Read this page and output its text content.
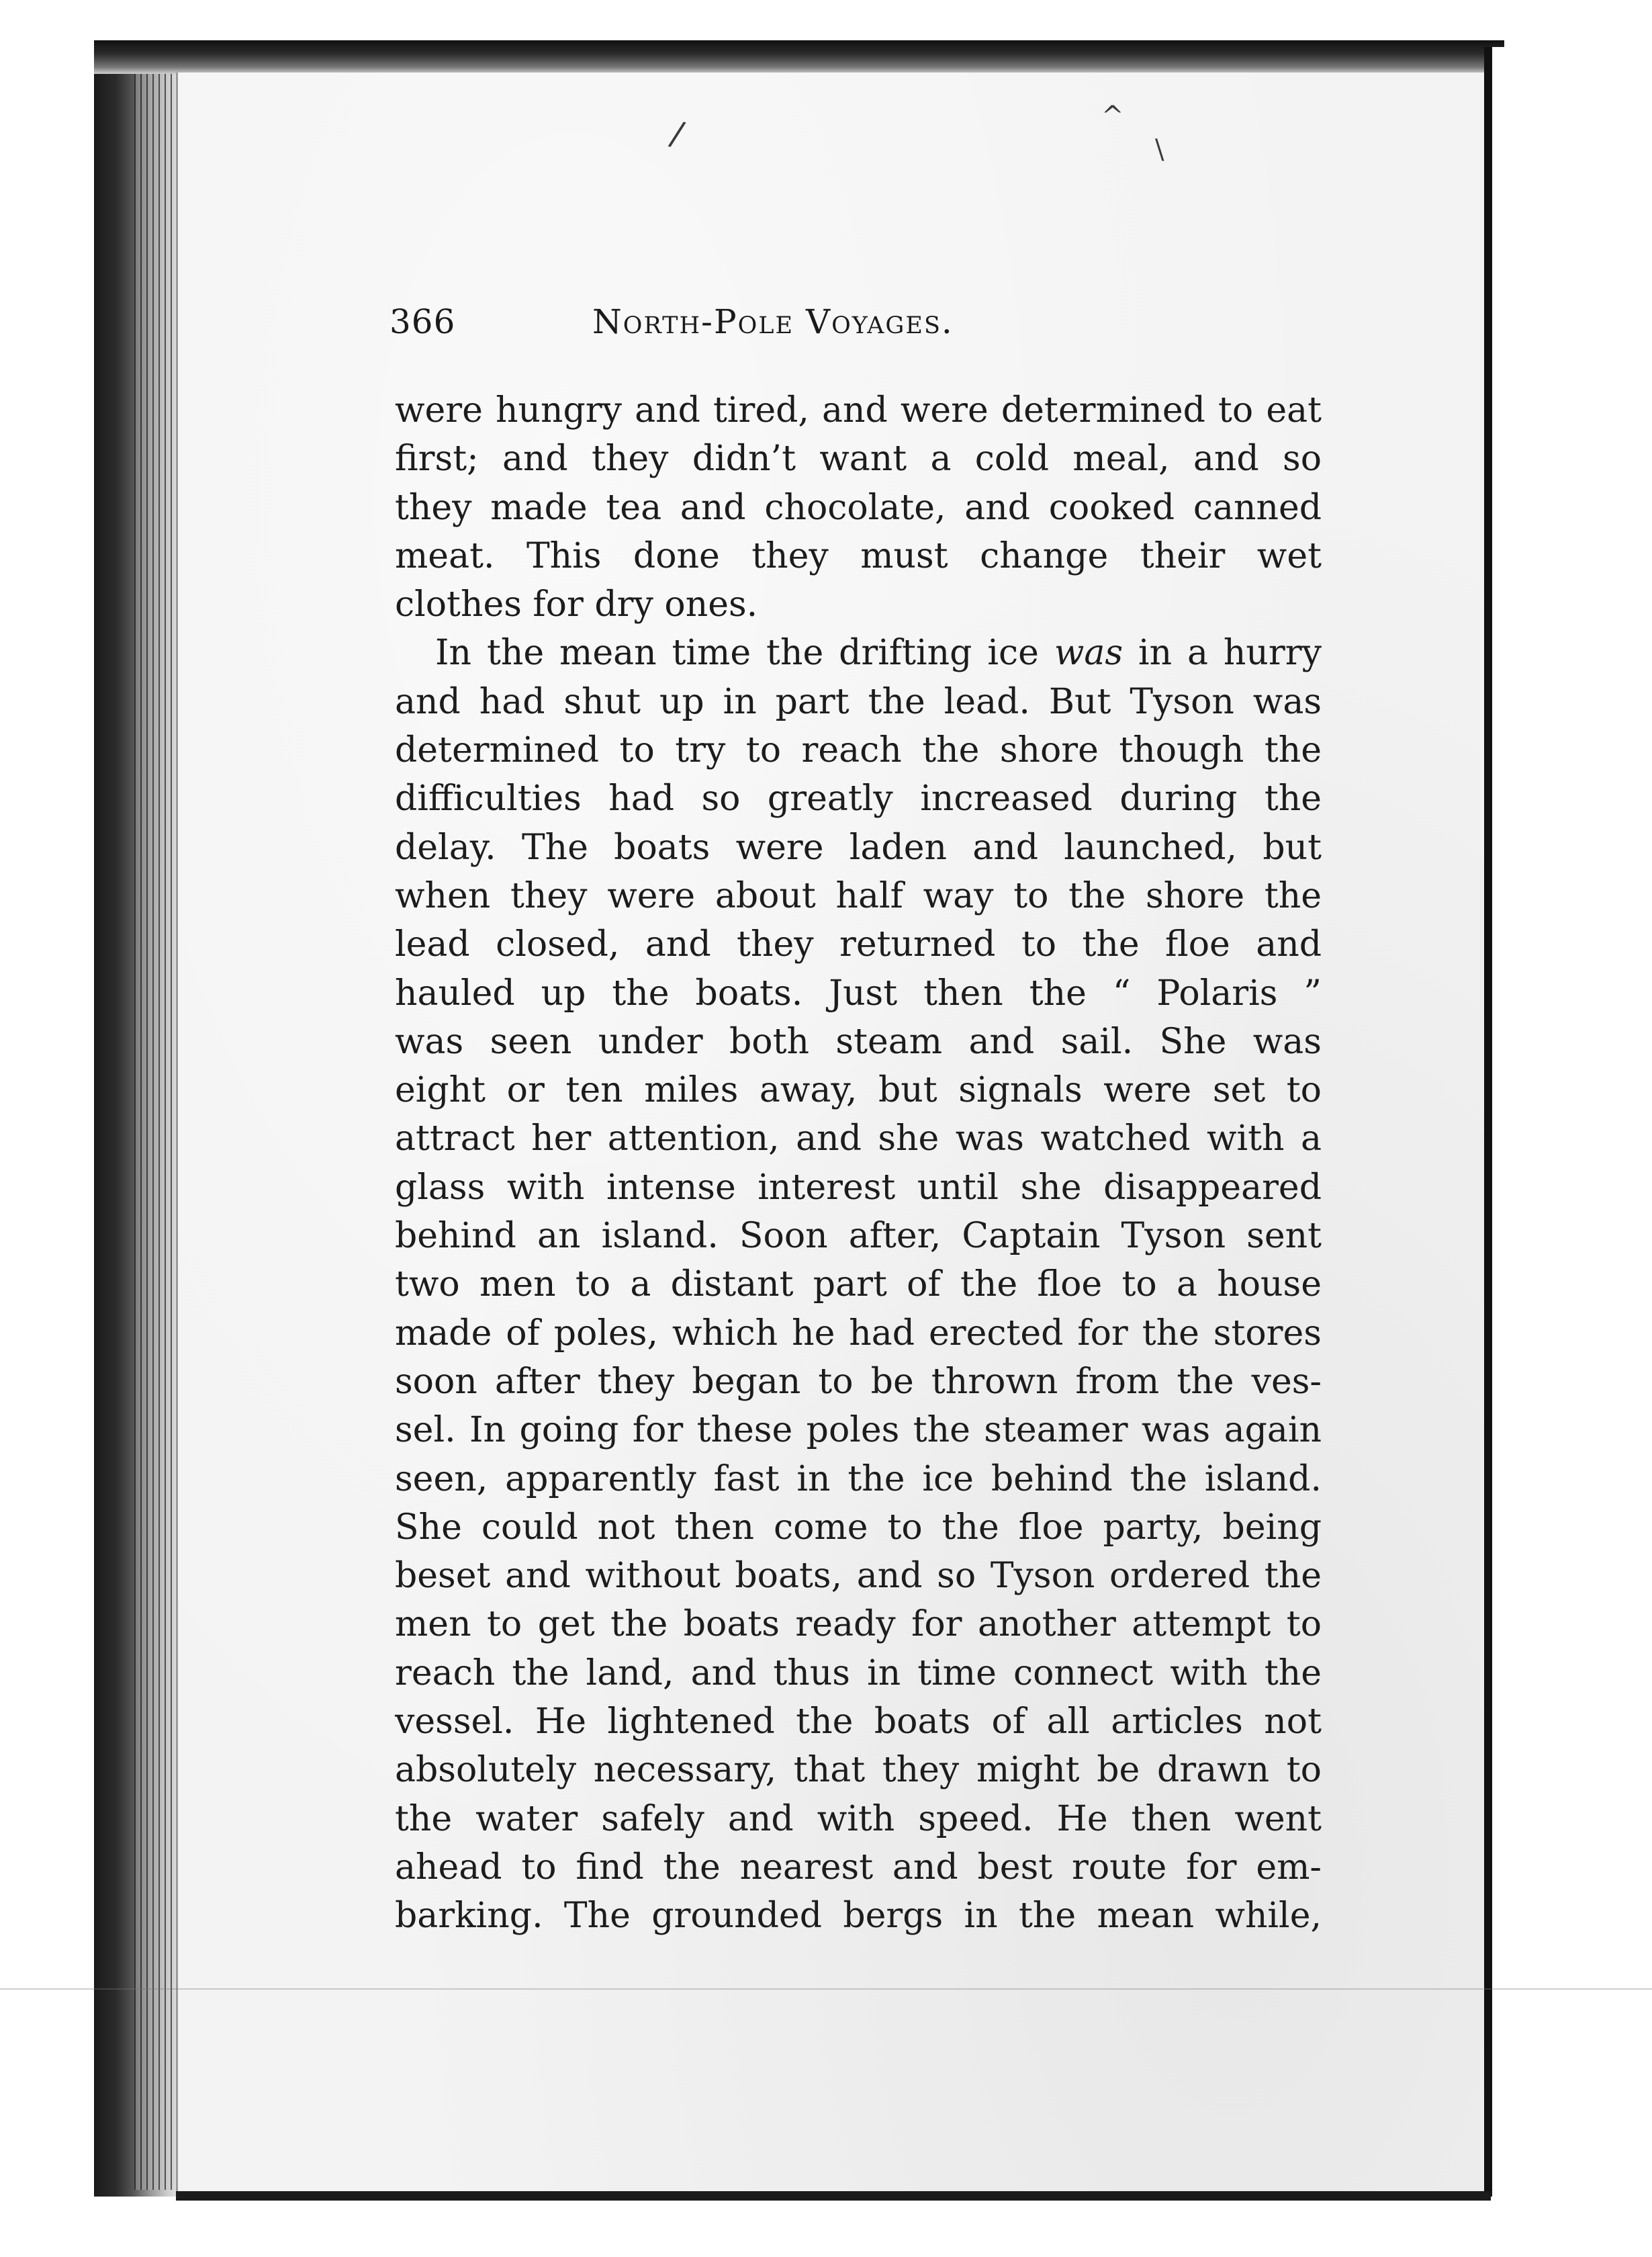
/	^
\
366	North-Pole Voyages.
were hungry and tired, and were determined to eat
first; and they didn’t want a cold meal, and so
they made tea and chocolate, and cooked canned
meat. This done they must change their wet
clothes for dry ones.
In the mean time the drifting ice was in a hurry
and had shut up in part the lead. But Tyson was
determined to try to reach the shore though the
difficulties had so greatly increased during the
delay. The boats were laden and launched, but
when they were about half way to the shore the
lead closed, and they returned to the floe and
hauled up the boats. Just then the “ Polaris ”
was seen under both steam and sail. She was
eight or ten miles away, but signals were set to
attract her attention, and she was watched with a
glass with intense interest until she disappeared
behind an island. Soon after, Captain Tyson sent
two men to a distant part of the floe to a house
made of poles, which he had erected for the stores
soon after they began to be thrown from the ves-
sel. In going for these poles the steamer was again
seen, apparently fast in the ice behind the island.
She could not then come to the floe party, being
beset and without boats, and so Tyson ordered the
men to get the boats ready for another attempt to
reach the land, and thus in time connect with the
vessel. He lightened the boats of all articles not
absolutely necessary, that they might be drawn to
the water safely and with speed. He then went
ahead to find the nearest and best route for em-
barking. The grounded bergs in the mean while,
